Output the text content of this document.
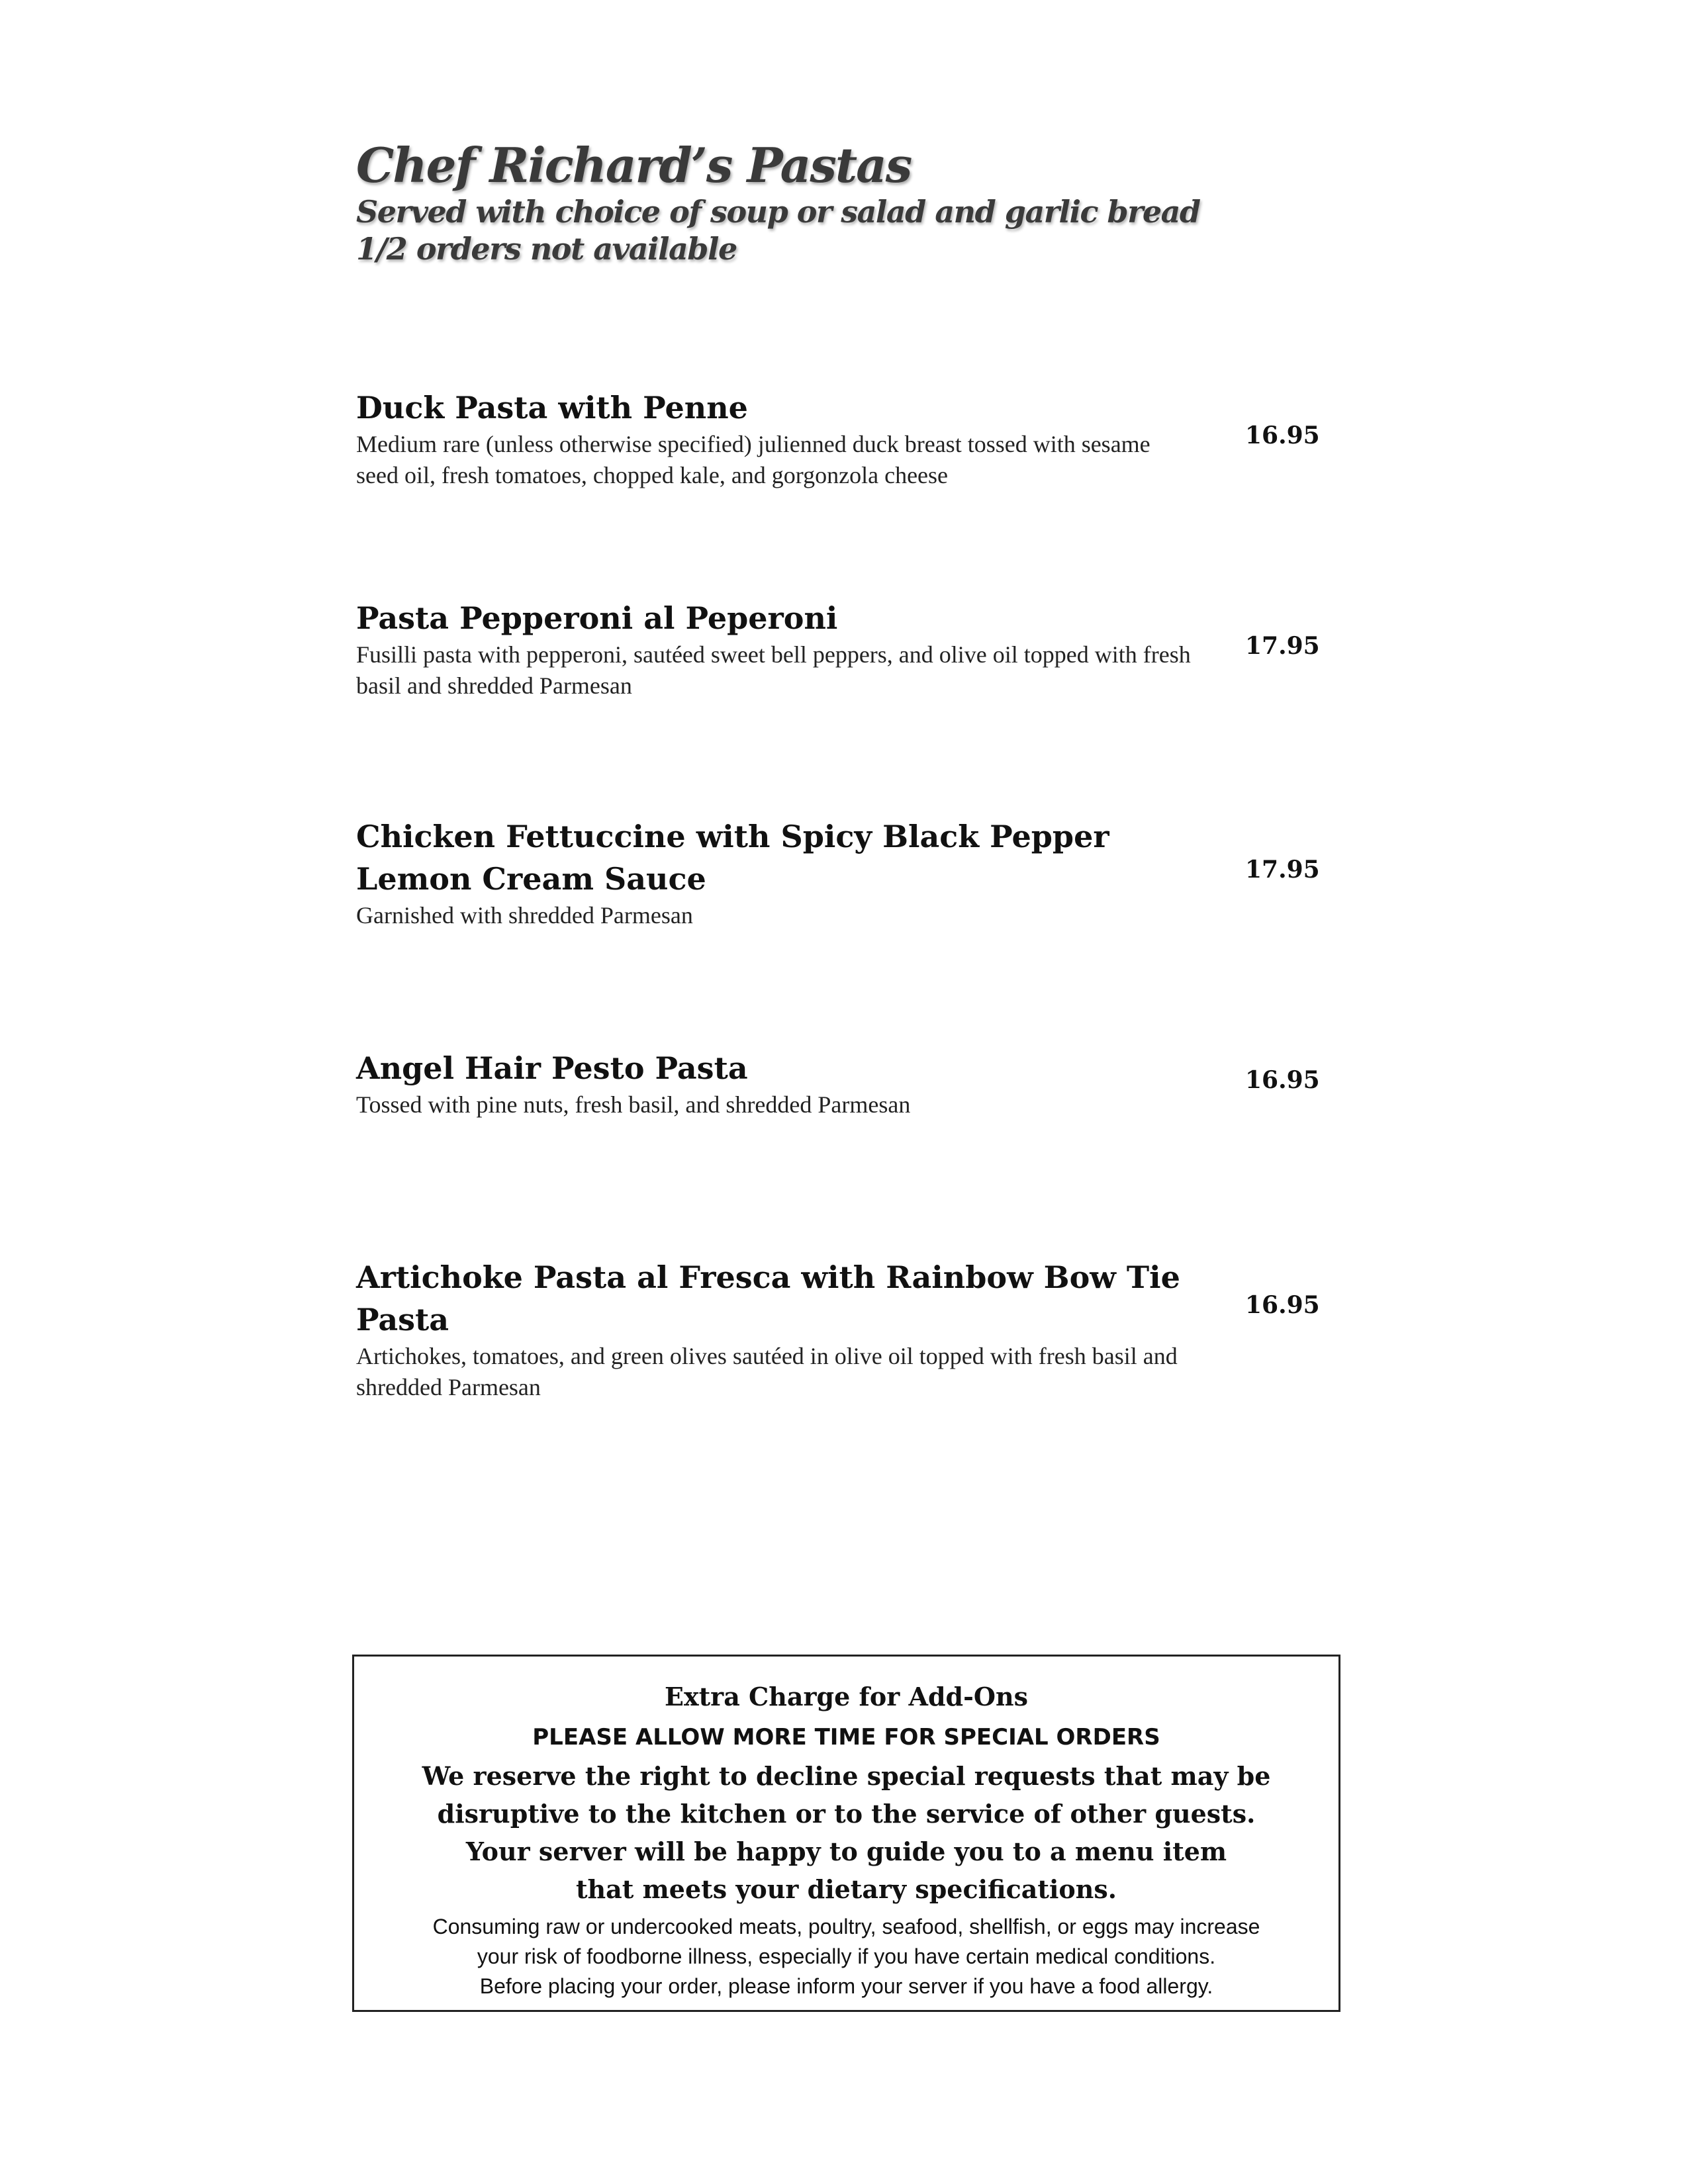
Chef Richard’s Pastas
Served with choice of soup or salad and garlic bread
1/2 orders not available
Duck Pasta with Penne
Medium rare (unless otherwise specified) julienned duck breast tossed with sesame seed oil, fresh tomatoes, chopped kale, and gorgonzola cheese
16.95
Pasta Pepperoni al Peperoni
Fusilli pasta with pepperoni, sautéed sweet bell peppers, and olive oil topped with fresh basil and shredded Parmesan
17.95
Chicken Fettuccine with Spicy Black Pepper Lemon Cream Sauce
Garnished with shredded Parmesan
17.95
Angel Hair Pesto Pasta
Tossed with pine nuts, fresh basil, and shredded Parmesan
16.95
Artichoke Pasta al Fresca with Rainbow Bow Tie Pasta
Artichokes, tomatoes, and green olives sautéed in olive oil topped with fresh basil and shredded Parmesan
16.95
Extra Charge for Add-Ons
PLEASE ALLOW MORE TIME FOR SPECIAL ORDERS
We reserve the right to decline special requests that may be
disruptive to the kitchen or to the service of other guests.
Your server will be happy to guide you to a menu item
that meets your dietary specifications.
Consuming raw or undercooked meats, poultry, seafood, shellfish, or eggs may increase
your risk of foodborne illness, especially if you have certain medical conditions.
Before placing your order, please inform your server if you have a food allergy.
